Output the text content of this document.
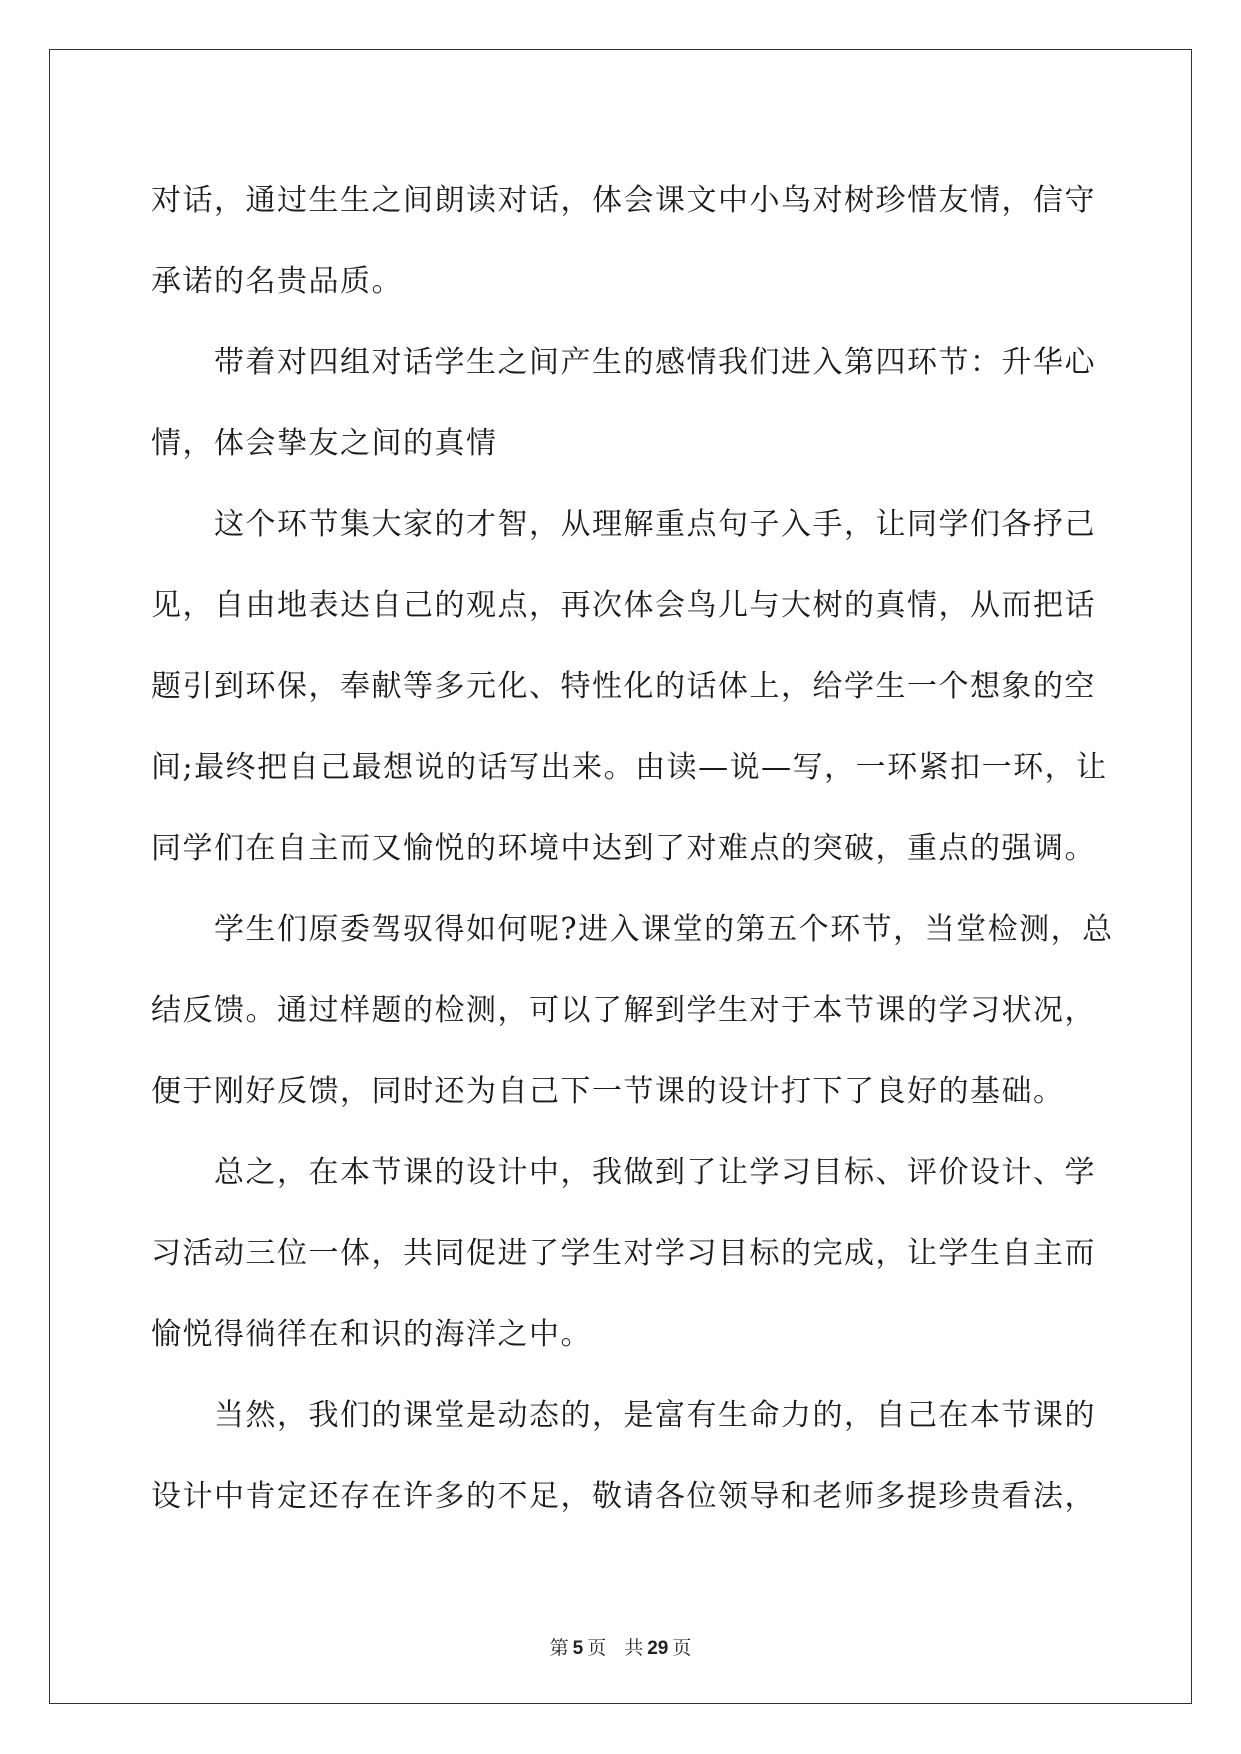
对话，通过生生之间朗读对话，体会课文中小鸟对树珍惜友情，信守
承诺的名贵品质。
带着对四组对话学生之间产生的感情我们进入第四环节：升华心
情，体会挚友之间的真情
这个环节集大家的才智，从理解重点句子入手，让同学们各抒己
见，自由地表达自己的观点，再次体会鸟儿与大树的真情，从而把话
题引到环保，奉献等多元化、特性化的话体上，给学生一个想象的空
间;最终把自己最想说的话写出来。由读—说—写，一环紧扣一环，让
同学们在自主而又愉悦的环境中达到了对难点的突破，重点的强调。
学生们原委驾驭得如何呢?进入课堂的第五个环节，当堂检测，总
结反馈。通过样题的检测，可以了解到学生对于本节课的学习状况，
便于刚好反馈，同时还为自己下一节课的设计打下了良好的基础。
总之，在本节课的设计中，我做到了让学习目标、评价设计、学
习活动三位一体，共同促进了学生对学习目标的完成，让学生自主而
愉悦得徜徉在和识的海洋之中。
当然，我们的课堂是动态的，是富有生命力的，自己在本节课的
设计中肯定还存在许多的不足，敬请各位领导和老师多提珍贵看法，
第 5 页 共 29 页
